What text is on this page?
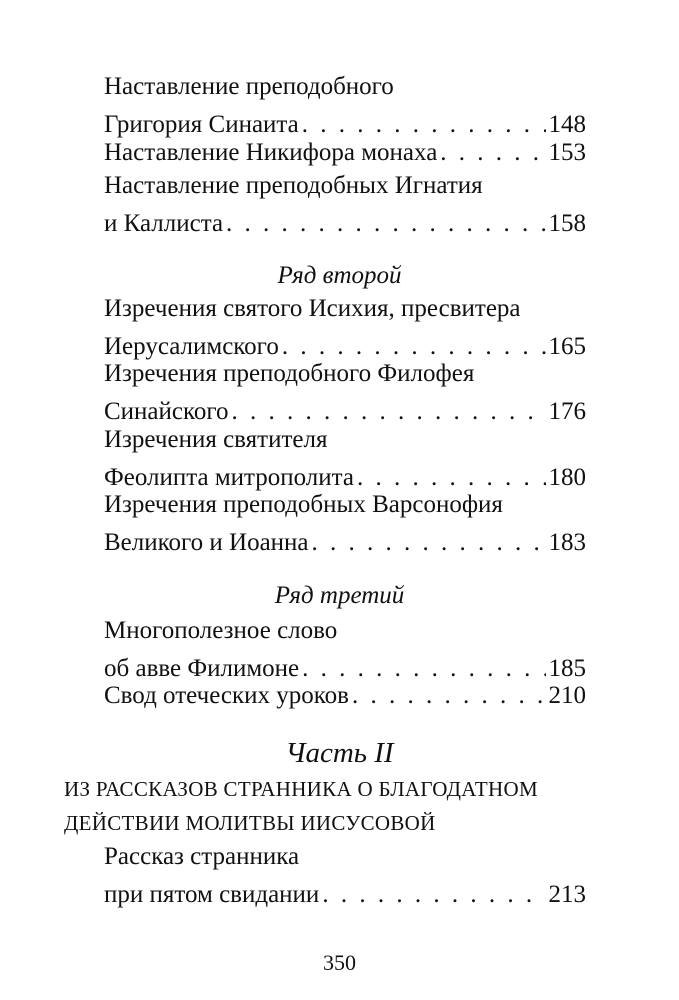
Наставление преподобного
Григория Синаита . . .	148
Наставление Никифора монаха . . .	153
Наставление преподобных Игнатия
и Каллиста . . .	158
Ряд второй
Изречения святого Исихия, пресвитера
Иерусалимского . . .	165
Изречения преподобного Филофея
Синайского . . .	176
Изречения святителя
Феолипта митрополита . . .	180
Изречения преподобных Варсонофия
Великого и Иоанна . . .	183
Ряд третий
Многополезное слово
об авве Филимоне . . .	185
Свод отеческих уроков . . .	210
Часть II
ИЗ РАССКАЗОВ СТРАННИКА О БЛАГОДАТНОМ
ДЕЙСТВИИ МОЛИТВЫ ИИСУСОВОЙ
Рассказ странника
при пятом свидании . . .	213
350
